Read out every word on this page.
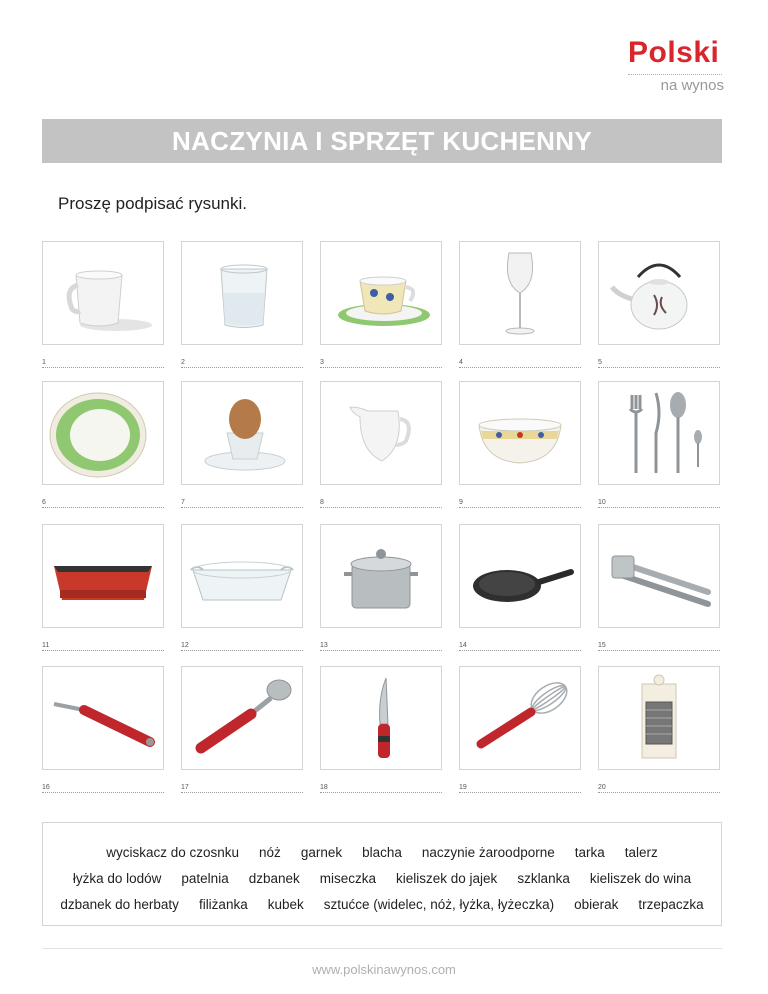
Polski
na wynos
NACZYNIA I SPRZĘT KUCHENNY
Proszę podpisać rysunki.
1	2	3	4	5
6	7	8	9	10
11	12	13	14	15
16	17	18	19	20
wyciskacz do czosnku nóż garnek blacha naczynie żaroodporne tarka talerz
łyżka do lodów patelnia dzbanek miseczka kieliszek do jajek szklanka kieliszek do wina
dzbanek do herbaty filiżanka kubek sztućce (widelec, nóż, łyżka, łyżeczka) obierak trzepaczka
www.polskinawynos.com
